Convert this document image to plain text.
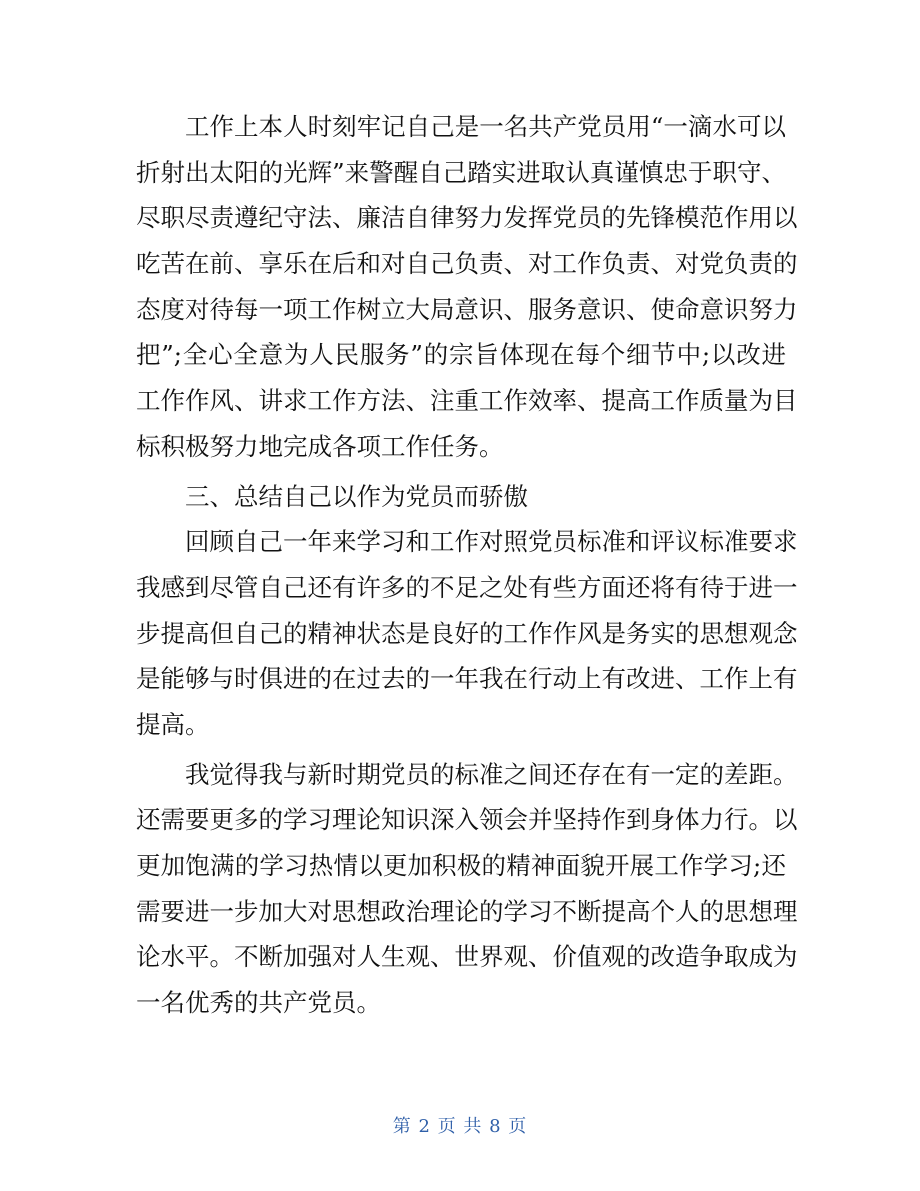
工作上本人时刻牢记自己是一名共产党员用“一滴水可以
折射出太阳的光辉”来警醒自己踏实进取认真谨慎忠于职守、
尽职尽责遵纪守法、廉洁自律努力发挥党员的先锋模范作用以
吃苦在前、享乐在后和对自己负责、对工作负责、对党负责的
态度对待每一项工作树立大局意识、服务意识、使命意识努力
把”;全心全意为人民服务”的宗旨体现在每个细节中;以改进
工作作风、讲求工作方法、注重工作效率、提高工作质量为目
标积极努力地完成各项工作任务。
三、总结自己以作为党员而骄傲
回顾自己一年来学习和工作对照党员标准和评议标准要求
我感到尽管自己还有许多的不足之处有些方面还将有待于进一
步提高但自己的精神状态是良好的工作作风是务实的思想观念
是能够与时俱进的在过去的一年我在行动上有改进、工作上有
提高。
我觉得我与新时期党员的标准之间还存在有一定的差距。
还需要更多的学习理论知识深入领会并坚持作到身体力行。以
更加饱满的学习热情以更加积极的精神面貌开展工作学习;还
需要进一步加大对思想政治理论的学习不断提高个人的思想理
论水平。不断加强对人生观、世界观、价值观的改造争取成为
一名优秀的共产党员。
第 2 页 共 8 页
